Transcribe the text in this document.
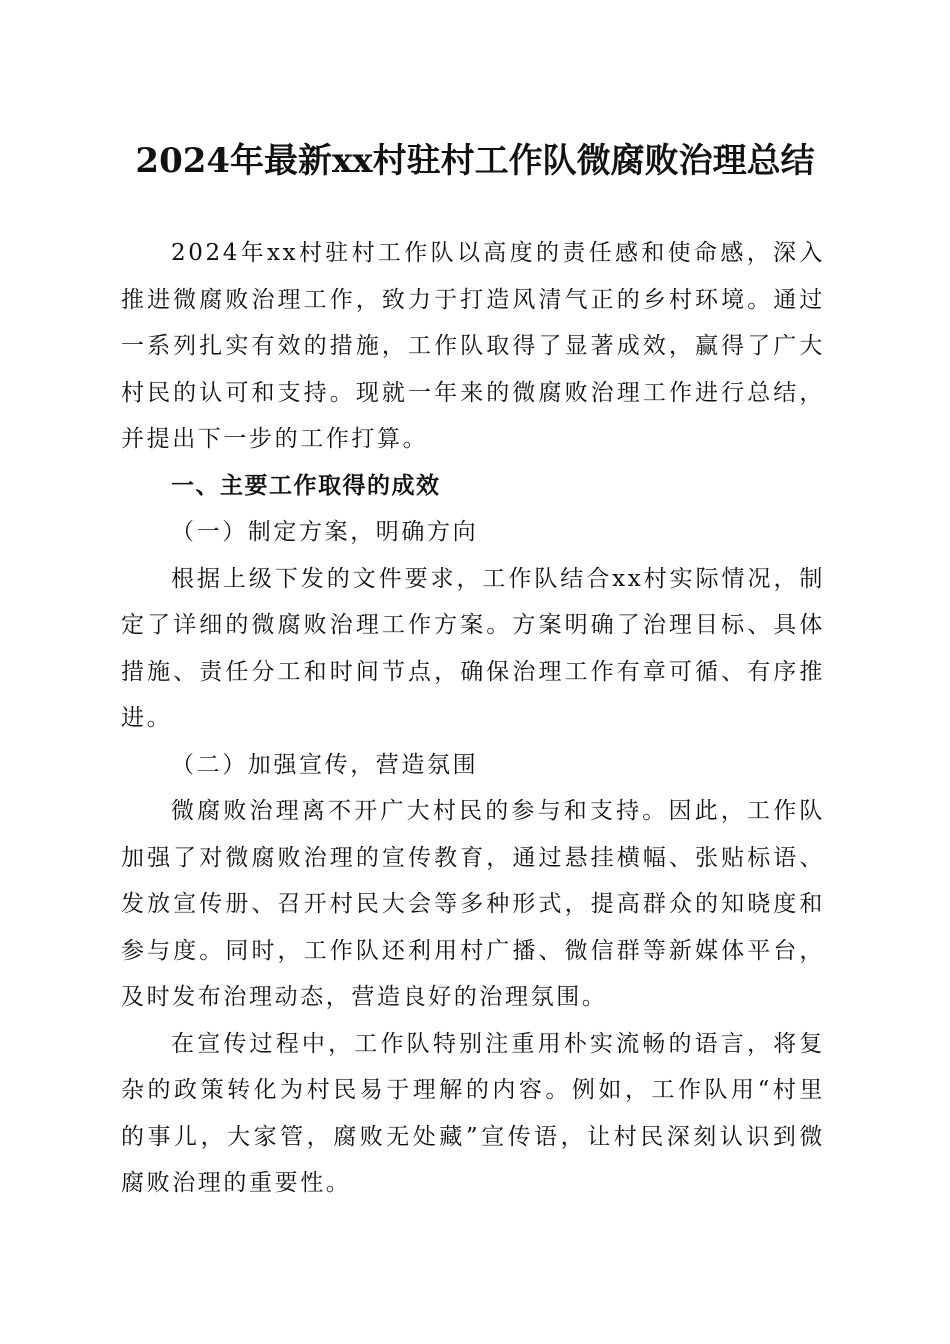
2024年最新xx村驻村工作队微腐败治理总结

2024年xx村驻村工作队以高度的责任感和使命感，深入推进微腐败治理工作，致力于打造风清气正的乡村环境。通过一系列扎实有效的措施，工作队取得了显著成效，赢得了广大村民的认可和支持。现就一年来的微腐败治理工作进行总结，并提出下一步的工作打算。

一、主要工作取得的成效

（一）制定方案，明确方向

根据上级下发的文件要求，工作队结合xx村实际情况，制定了详细的微腐败治理工作方案。方案明确了治理目标、具体措施、责任分工和时间节点，确保治理工作有章可循、有序推进。

（二）加强宣传，营造氛围

微腐败治理离不开广大村民的参与和支持。因此，工作队加强了对微腐败治理的宣传教育，通过悬挂横幅、张贴标语、发放宣传册、召开村民大会等多种形式，提高群众的知晓度和参与度。同时，工作队还利用村广播、微信群等新媒体平台，及时发布治理动态，营造良好的治理氛围。

在宣传过程中，工作队特别注重用朴实流畅的语言，将复杂的政策转化为村民易于理解的内容。例如，工作队用“村里的事儿，大家管，腐败无处藏”宣传语，让村民深刻认识到微腐败治理的重要性。
